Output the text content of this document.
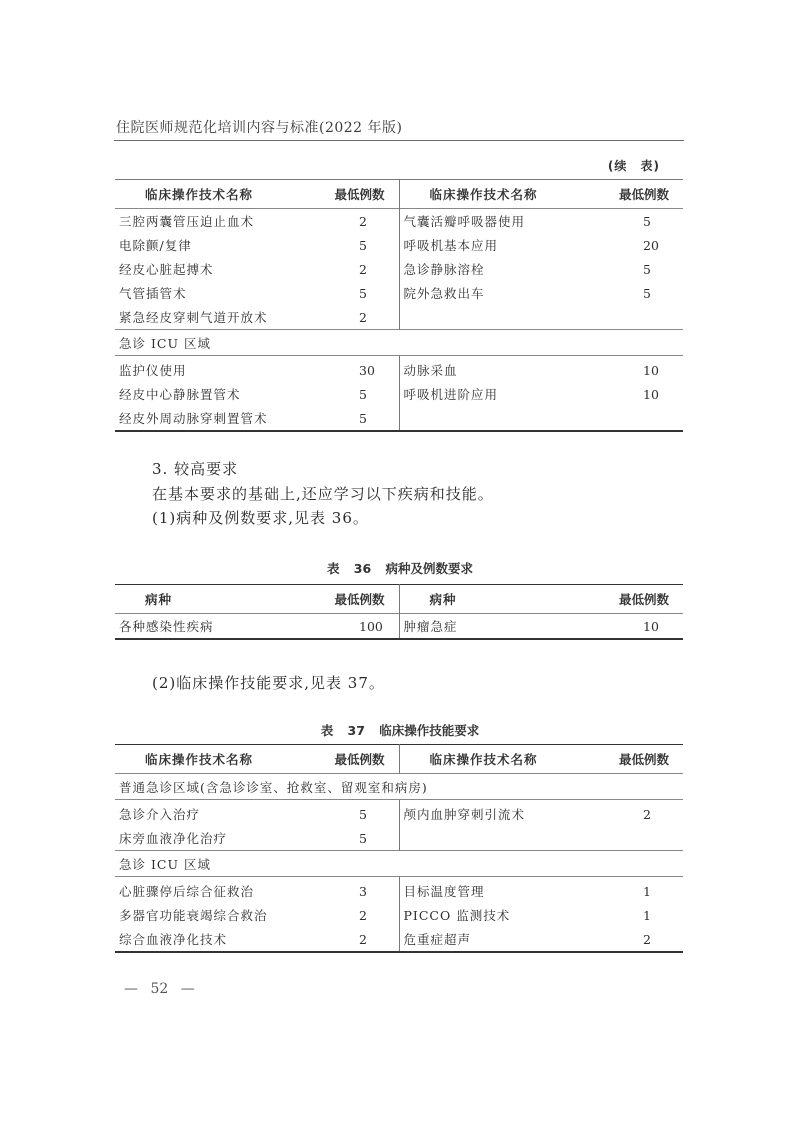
住院医师规范化培训内容与标准(2022 年版)
(续 表)
临床操作技术名称	最低例数	临床操作技术名称	最低例数
三腔两囊管压迫止血术	2	气囊活瓣呼吸器使用	5
电除颤/复律	5	呼吸机基本应用	20
经皮心脏起搏术	2	急诊静脉溶栓	5
气管插管术	5	院外急救出车	5
紧急经皮穿刺气道开放术	2		
急诊 ICU 区域			
监护仪使用	30	动脉采血	10
经皮中心静脉置管术	5	呼吸机进阶应用	10
经皮外周动脉穿刺置管术	5		
3. 较高要求
在基本要求的基础上,还应学习以下疾病和技能。
(1)病种及例数要求,见表 36。
表 36 病种及例数要求
病种	最低例数	病种	最低例数
各种感染性疾病	100	肿瘤急症	10
(2)临床操作技能要求,见表 37。
表 37 临床操作技能要求
临床操作技术名称	最低例数	临床操作技术名称	最低例数
普通急诊区域(含急诊诊室、抢救室、留观室和病房)			
急诊介入治疗	5	颅内血肿穿刺引流术	2
床旁血液净化治疗	5		
急诊 ICU 区域			
心脏骤停后综合征救治	3	目标温度管理	1
多器官功能衰竭综合救治	2	PICCO 监测技术	1
综合血液净化技术	2	危重症超声	2
— 52 —
